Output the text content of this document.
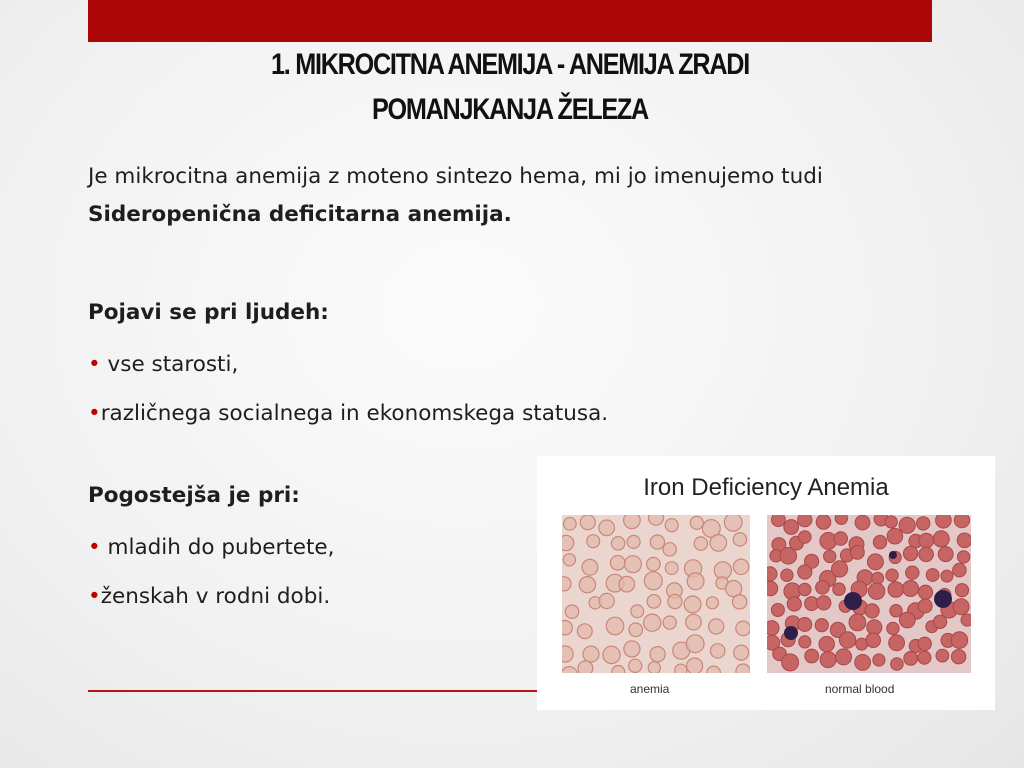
1. MIKROCITNA ANEMIJA - ANEMIJA ZRADI
POMANJKANJA ŽELEZA

Je mikrocitna anemija z moteno sintezo hema, mi jo imenujemo tudi Sideropenična deficitarna anemija.

Pojavi se pri ljudeh:

• vse starosti,

•različnega socialnega in ekonomskega statusa.

Pogostejša je pri:

• mladih do pubertete,

•ženskah v rodni dobi.

Iron Deficiency Anemia
anemia	normal blood
